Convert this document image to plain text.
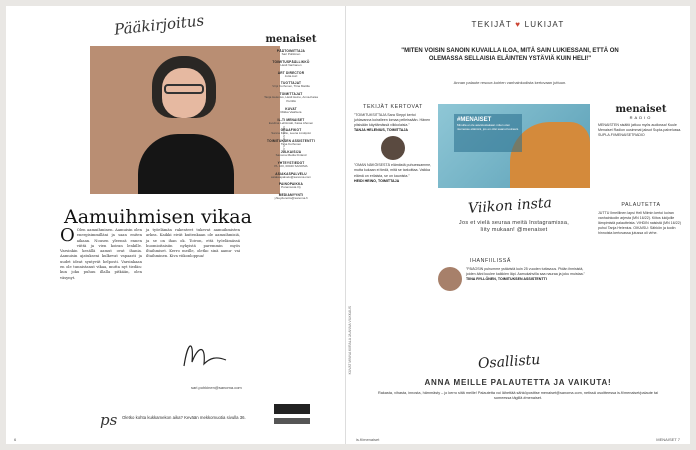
Pääkirjoitus
KUVA ANNA VILKA
Aamuihmisen vikaa
O Olen aamuihminen. Aamuisin olen energisimmilläni ja saan eniten aikaan. Nousen yleensä ennen viittä ja vien koiran lenkille. Varsinkin kesällä aamut ovat ihania. Aamuisin ajatukseni kulkevat vapaasti ja uudet ideat syntyvät helposti. Varsinkaan en ole tunnistanut vikaa, mutta nyt tiedän: kun joku puhuu illalla pitkään, olen väsynyt.
ja työelämän rakenteet tukevat aamuihmisten arkea. Kaikki eivät kuitenkaan ole aamuihmisiä, ja se on ihan ok. Toivon, että työelämässä huomioitaisiin nykyistä paremmin myös iltaihmiset. Kerro meille, oletko sinä aamu- vai iltaihminen. Kiva viikonloppua!
sari.pohkinen@sanoma.com
ps Oletko kohta kukkamekon aika? Kevään mekkomuotia sivulla 36.
6
menaiset
PÄÄTOIMITTAJA
Sari Pohkinen
TOIMITUSPÄÄLLIKKÖ
Heidi Vanhanen
ART DIRECTOR
Jutta Auri
TUOTTAJAT
Virpi Korhonen, Tiina Mattila
TOIMITTAJAT
Tanja Helenius, Heidi Heino, Anna-Kaisa Perttilä
KUVAT
Riikka Vaahtera
IL-TI MENAISET
Eveliina Lehtimäki, Kaisa Ahonen
GRAAFIKOT
Sanna Kallio, Leena Lindqvist
TOIMITUKSEN ASSISTENTTI
Tiina Korhonen
JULKAISIJA
Sanoma Media Finland
YHTEYSTIEDOT
PL 100, 00040 SANOMA
ASIAKASPALVELU
asiakaspalvelu@sanoma.com
PAINOPAIKKA
Punamusta Oy
MEDIAMYYNTI
yhteydenotto@sanoma.fi
TEKIJÄT ♥ LUKIJAT
"MITEN VOISIN SANOIN KUVAILLA ILOA, MITÄ SAIN LUKIESSANI, ETTÄ ON OLEMASSA SELLAISIA ELÄINTEN YSTÄVIÄ KUIN HELI!"
Annan palaute rescue-koirien vanhainkodista kertovaan juttuun.
TEKIJÄT KERTOVAT
"TOIMITUKSITTAJA Sara Sieppi kertoi juhlavanna koiralleen lomaa pelleissään. Hänen piisisään käyttämässä viikkolaisia."
TANJA HELENIUS, TOIMITTAJA
"OMAN NÄKÖISESTÄ elämästä puhuessamme, mutta kukaan ei tiedä, mitä se tarkoittaa. Vaikka elämä on erilaista, se on kaunista."
HEIDI HEINO, TOIMITTAJA
#MENAISET
Minulla ei ole aavistustakaan miten olen niemesse elämäni, jos en olisi saanut koiraani.
Viikon insta
Jos et vielä seuraa meitä Instagramissa, liity mukaan! @menaiset
IHANFIILISSÄ
"PÄÄOSIN puhumme ystävistä kuin 25 vuoden tuttavuus. Pidän ihmisistä, joiden ääni kuulee kaikkien läpi. Aamukahvilla saa nauraa ja joku muistaa."
TIINA RYLLÖNEN, TOIMITUKSEN ASSISTENTTI
menaiset
RADIO
MENAISTEN sisältö jatkuu myös audiossa! Kuule Menaiset Radion uusimmat jaksot Supla-palvelussa. SUPLA.FI/MENAISETRADIO
PALAUTETTA
JUTTU Ilmeillinen lapsi Heli Miimin kertoi koiran vanhainkodin arjesta (MN 16/22). Kiitos lukijoille lämpimistä palautteista. VIHDIN naisistä (MN 16/22) puhui Tanja Helenius. OIKAISU: Sähkön ja kodin hinnoista kertovassa jutussa oli virhe.
Osallistu
ANNA MEILLE PALAUTETTA JA VAIKUTA!
Rakasta, vihasta, innosta, hämmästy – jo kerro siitä meille! Palautetta voi lähettää sähköpostitse menaiset@sanoma.com, netissä osoitteessa is.fi/menaiset/palaute tai someessa tägillä #menaiset.
KUVAT MINNA KIIRALA JA ANNA VILKKAUS
is.fi/menaiset	MENAISET 7
